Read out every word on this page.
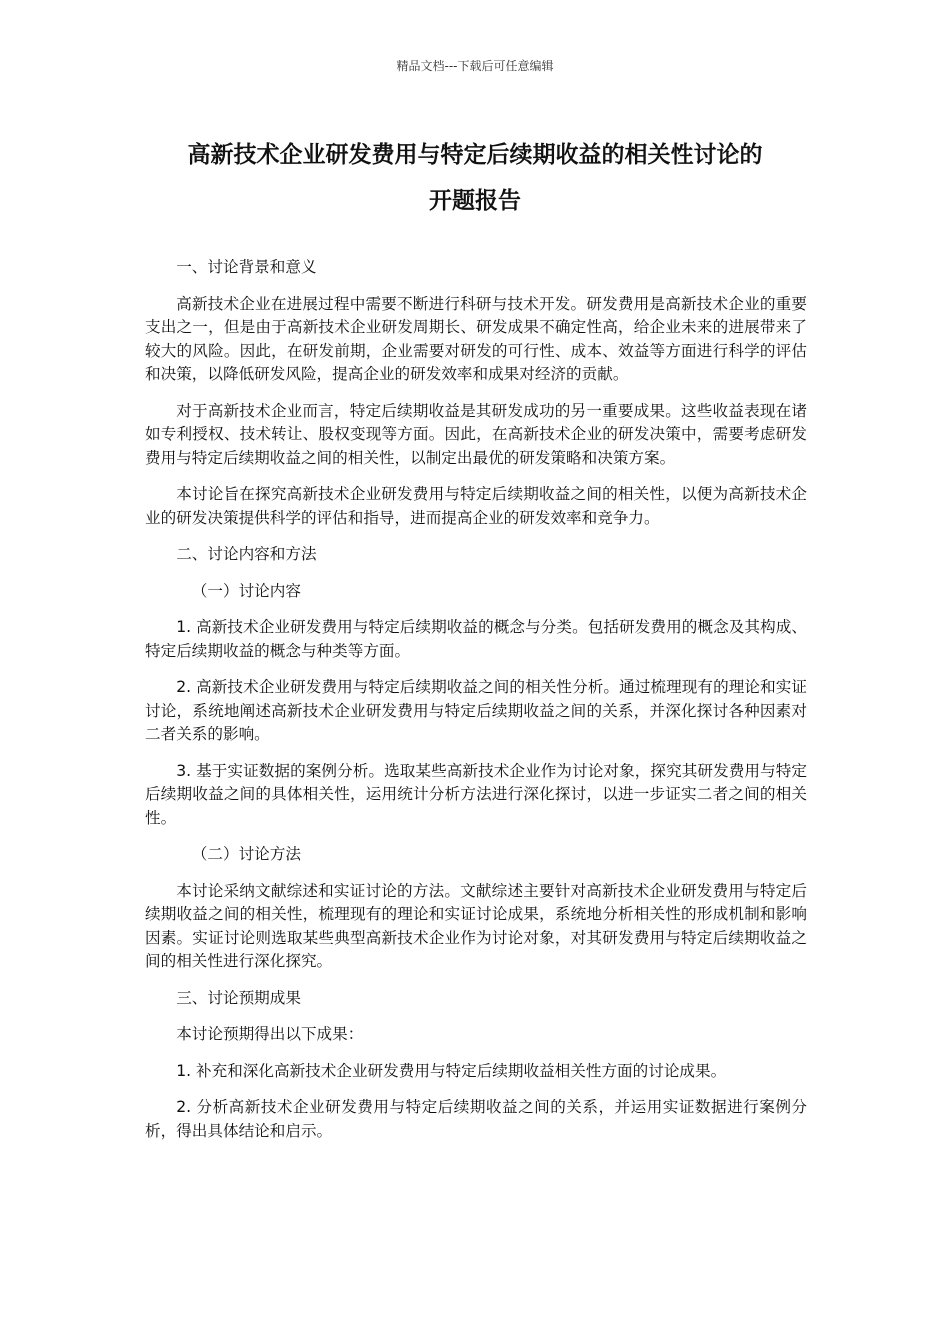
精品文档---下载后可任意编辑
高新技术企业研发费用与特定后续期收益的相关性讨论的
开题报告

一、讨论背景和意义

高新技术企业在进展过程中需要不断进行科研与技术开发。研发费用是高新技术企业的重要支出之一，但是由于高新技术企业研发周期长、研发成果不确定性高，给企业未来的进展带来了较大的风险。因此，在研发前期，企业需要对研发的可行性、成本、效益等方面进行科学的评估和决策，以降低研发风险，提高企业的研发效率和成果对经济的贡献。

对于高新技术企业而言，特定后续期收益是其研发成功的另一重要成果。这些收益表现在诸如专利授权、技术转让、股权变现等方面。因此，在高新技术企业的研发决策中，需要考虑研发费用与特定后续期收益之间的相关性，以制定出最优的研发策略和决策方案。

本讨论旨在探究高新技术企业研发费用与特定后续期收益之间的相关性，以便为高新技术企业的研发决策提供科学的评估和指导，进而提高企业的研发效率和竞争力。

二、讨论内容和方法

（一）讨论内容

1. 高新技术企业研发费用与特定后续期收益的概念与分类。包括研发费用的概念及其构成、特定后续期收益的概念与种类等方面。

2. 高新技术企业研发费用与特定后续期收益之间的相关性分析。通过梳理现有的理论和实证讨论，系统地阐述高新技术企业研发费用与特定后续期收益之间的关系，并深化探讨各种因素对二者关系的影响。

3. 基于实证数据的案例分析。选取某些高新技术企业作为讨论对象，探究其研发费用与特定后续期收益之间的具体相关性，运用统计分析方法进行深化探讨，以进一步证实二者之间的相关性。

（二）讨论方法

本讨论采纳文献综述和实证讨论的方法。文献综述主要针对高新技术企业研发费用与特定后续期收益之间的相关性，梳理现有的理论和实证讨论成果，系统地分析相关性的形成机制和影响因素。实证讨论则选取某些典型高新技术企业作为讨论对象，对其研发费用与特定后续期收益之间的相关性进行深化探究。

三、讨论预期成果

本讨论预期得出以下成果：

1. 补充和深化高新技术企业研发费用与特定后续期收益相关性方面的讨论成果。

2. 分析高新技术企业研发费用与特定后续期收益之间的关系，并运用实证数据进行案例分析，得出具体结论和启示。
